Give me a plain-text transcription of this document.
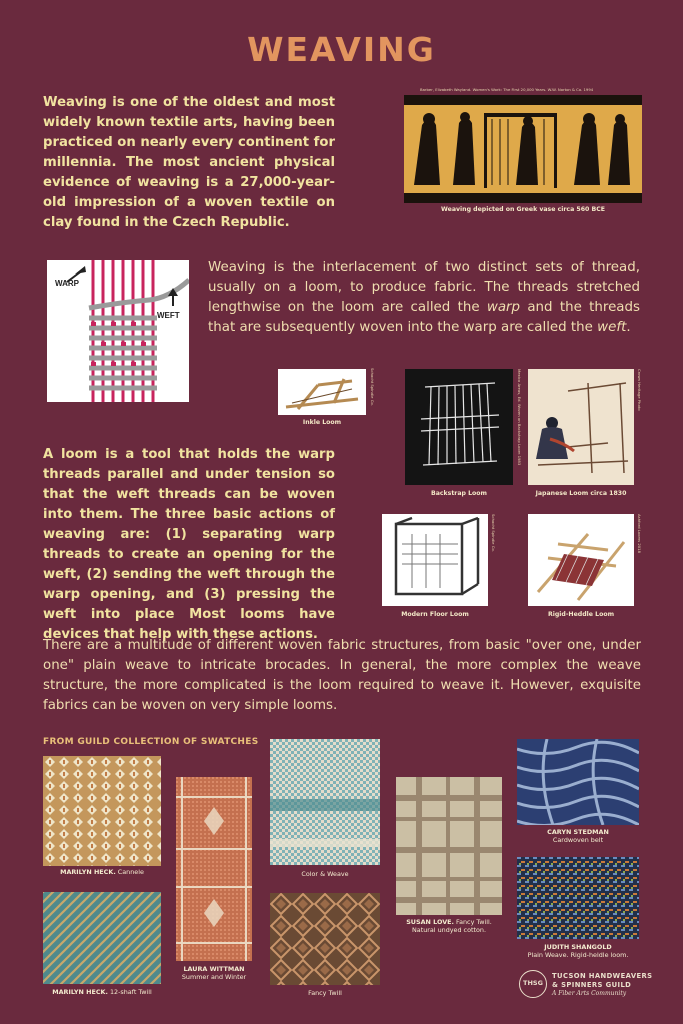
WEAVING
Weaving is one of the oldest and most widely known textile arts, having been practiced on nearly every continent for millennia. The most ancient physical evidence of weaving is a 27,000-year-old impression of a woven textile on clay found in the Czech Republic.
Barber, Elizabeth Wayland. Women's Work: The First 20,000 Years. W.W. Norton & Co. 1994
Weaving depicted on Greek vase circa 560 BCE
WARP
WEFT
Weaving is the interlacement of two distinct sets of thread, usually on a loom, to produce fabric. The threads stretched lengthwise on the loom are called the warp and the threads that are subsequently woven into the warp are called the weft.
Schacht Spindle Co.
Inkle Loom	Mexico Areas, Ed. Woven on Backstrap Loom 1983
Backstrap Loom
Crown Heritage Photo
Japanese Loom circa 1830
A loom is a tool that holds the warp threads parallel and under tension so that the weft threads can be woven into them. The three basic actions of weaving are: (1) separating warp threads to create an opening for the weft, (2) sending the weft through the warp opening, and (3) pressing the weft into place Most looms have devices that help with these actions.
Schacht Spindle Co.
Modern Floor Loom
Ashford Looms 2018
Rigid-Heddle Loom
There are a multitude of different woven fabric structures, from basic "over one, under one" plain weave to intricate brocades. In general, the more complex the weave structure, the more complicated is the loom required to weave it. However, exquisite fabrics can be woven on very simple looms.
FROM GUILD COLLECTION OF SWATCHES
MARILYN HECK. Cannele
MARILYN HECK. 12-shaft Twill
LAURA WITTMAN
Summer and Winter
Color & Weave
Fancy Twill
SUSAN LOVE. Fancy Twill.
Natural undyed cotton.
CARYN STEDMAN
Cardwoven belt
JUDITH SHANGOLD
Plain Weave. Rigid-heldle loom.
THSG
TUCSON HANDWEAVERS
& SPINNERS GUILD
A Fiber Arts Community
